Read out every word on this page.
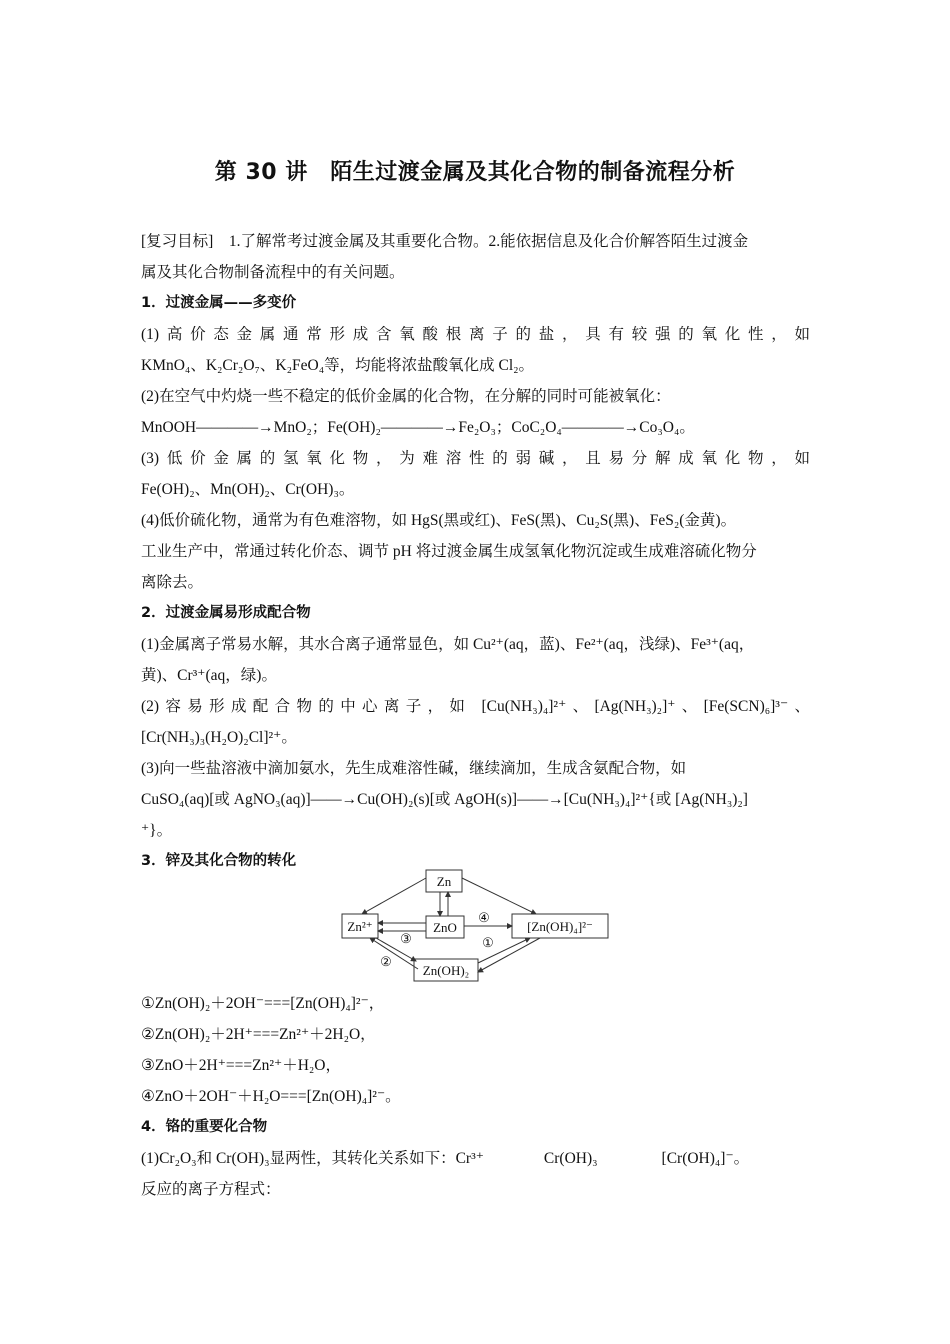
第 30 讲　陌生过渡金属及其化合物的制备流程分析
[复习目标]　1.了解常考过渡金属及其重要化合物。2.能依据信息及化合价解答陌生过渡金
属及其化合物制备流程中的有关问题。
1．过渡金属——多变价
(1)高价态金属通常形成含氧酸根离子的盐，具有较强的氧化性，如
KMnO₄、K₂Cr₂O₇、K₂FeO₄等，均能将浓盐酸氧化成 Cl₂。
(2)在空气中灼烧一些不稳定的低价金属的化合物，在分解的同时可能被氧化：
MnOOH――――→MnO₂；Fe(OH)₂――――→Fe₂O₃；CoC₂O₄――――→Co₃O₄。
(3)低价金属的氢氧化物，为难溶性的弱碱，且易分解成氧化物，如
Fe(OH)₂、Mn(OH)₂、Cr(OH)₃。
(4)低价硫化物，通常为有色难溶物，如 HgS(黑或红)、FeS(黑)、Cu₂S(黑)、FeS₂(金黄)。
工业生产中，常通过转化价态、调节 pH 将过渡金属生成氢氧化物沉淀或生成难溶硫化物分
离除去。
2．过渡金属易形成配合物
(1)金属离子常易水解，其水合离子通常显色，如 Cu²⁺(aq，蓝)、Fe²⁺(aq，浅绿)、Fe³⁺(aq，
黄)、Cr³⁺(aq，绿)。
(2)容易形成配合物的中心离子，如 [Cu(NH₃)₄]²⁺、[Ag(NH₃)₂]⁺、[Fe(SCN)₆]³⁻、
[Cr(NH₃)₃(H₂O)₂Cl]²⁺。
(3)向一些盐溶液中滴加氨水，先生成难溶性碱，继续滴加，生成含氨配合物，如
CuSO₄(aq)[或 AgNO₃(aq)]――→Cu(OH)₂(s)[或 AgOH(s)]――→[Cu(NH₃)₄]²⁺{或 [Ag(NH₃)₂]
⁺}。
3．锌及其化合物的转化
Zn
Zn²⁺	ZnO	[Zn(OH)₄]²⁻
Zn(OH)₂
③
④
①
②
①Zn(OH)₂＋2OH⁻===[Zn(OH)₄]²⁻，
②Zn(OH)₂＋2H⁺===Zn²⁺＋2H₂O，
③ZnO＋2H⁺===Zn²⁺＋H₂O，
④ZnO＋2OH⁻＋H₂O===[Zn(OH)₄]²⁻。
4．铬的重要化合物
(1)Cr₂O₃和 Cr(OH)₃显两性，其转化关系如下：Cr³⁺	Cr(OH)₃	[Cr(OH)₄]⁻。
反应的离子方程式：
